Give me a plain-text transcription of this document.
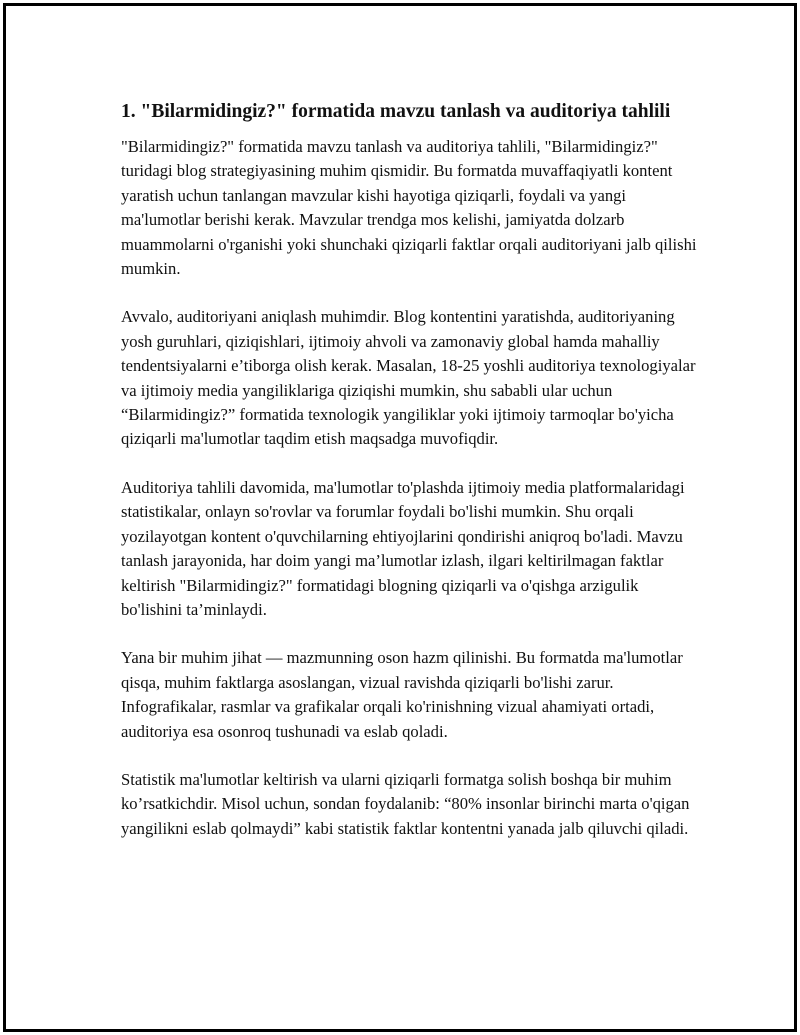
1. "Bilarmidingiz?" formatida mavzu tanlash va auditoriya tahlili

"Bilarmidingiz?" formatida mavzu tanlash va auditoriya tahlili, "Bilarmidingiz?" turidagi blog strategiyasining muhim qismidir. Bu formatda muvaffaqiyatli kontent yaratish uchun tanlangan mavzular kishi hayotiga qiziqarli, foydali va yangi ma'lumotlar berishi kerak. Mavzular trendga mos kelishi, jamiyatda dolzarb muammolarni o'rganishi yoki shunchaki qiziqarli faktlar orqali auditoriyani jalb qilishi mumkin.

Avvalo, auditoriyani aniqlash muhimdir. Blog kontentini yaratishda, auditoriyaning yosh guruhlari, qiziqishlari, ijtimoiy ahvoli va zamonaviy global hamda mahalliy tendentsiyalarni e’tiborga olish kerak. Masalan, 18-25 yoshli auditoriya texnologiyalar va ijtimoiy media yangiliklariga qiziqishi mumkin, shu sababli ular uchun “Bilarmidingiz?” formatida texnologik yangiliklar yoki ijtimoiy tarmoqlar bo'yicha qiziqarli ma'lumotlar taqdim etish maqsadga muvofiqdir.

Auditoriya tahlili davomida, ma'lumotlar to'plashda ijtimoiy media platformalaridagi statistikalar, onlayn so'rovlar va forumlar foydali bo'lishi mumkin. Shu orqali yozilayotgan kontent o'quvchilarning ehtiyojlarini qondirishi aniqroq bo'ladi. Mavzu tanlash jarayonida, har doim yangi ma’lumotlar izlash, ilgari keltirilmagan faktlar keltirish "Bilarmidingiz?" formatidagi blogning qiziqarli va o'qishga arzigulik bo'lishini ta’minlaydi.

Yana bir muhim jihat — mazmunning oson hazm qilinishi. Bu formatda ma'lumotlar qisqa, muhim faktlarga asoslangan, vizual ravishda qiziqarli bo'lishi zarur. Infografikalar, rasmlar va grafikalar orqali ko'rinishning vizual ahamiyati ortadi, auditoriya esa osonroq tushunadi va eslab qoladi.

Statistik ma'lumotlar keltirish va ularni qiziqarli formatga solish boshqa bir muhim ko’rsatkichdir. Misol uchun, sondan foydalanib: “80% insonlar birinchi marta o'qigan yangilikni eslab qolmaydi” kabi statistik faktlar kontentni yanada jalb qiluvchi qiladi.
